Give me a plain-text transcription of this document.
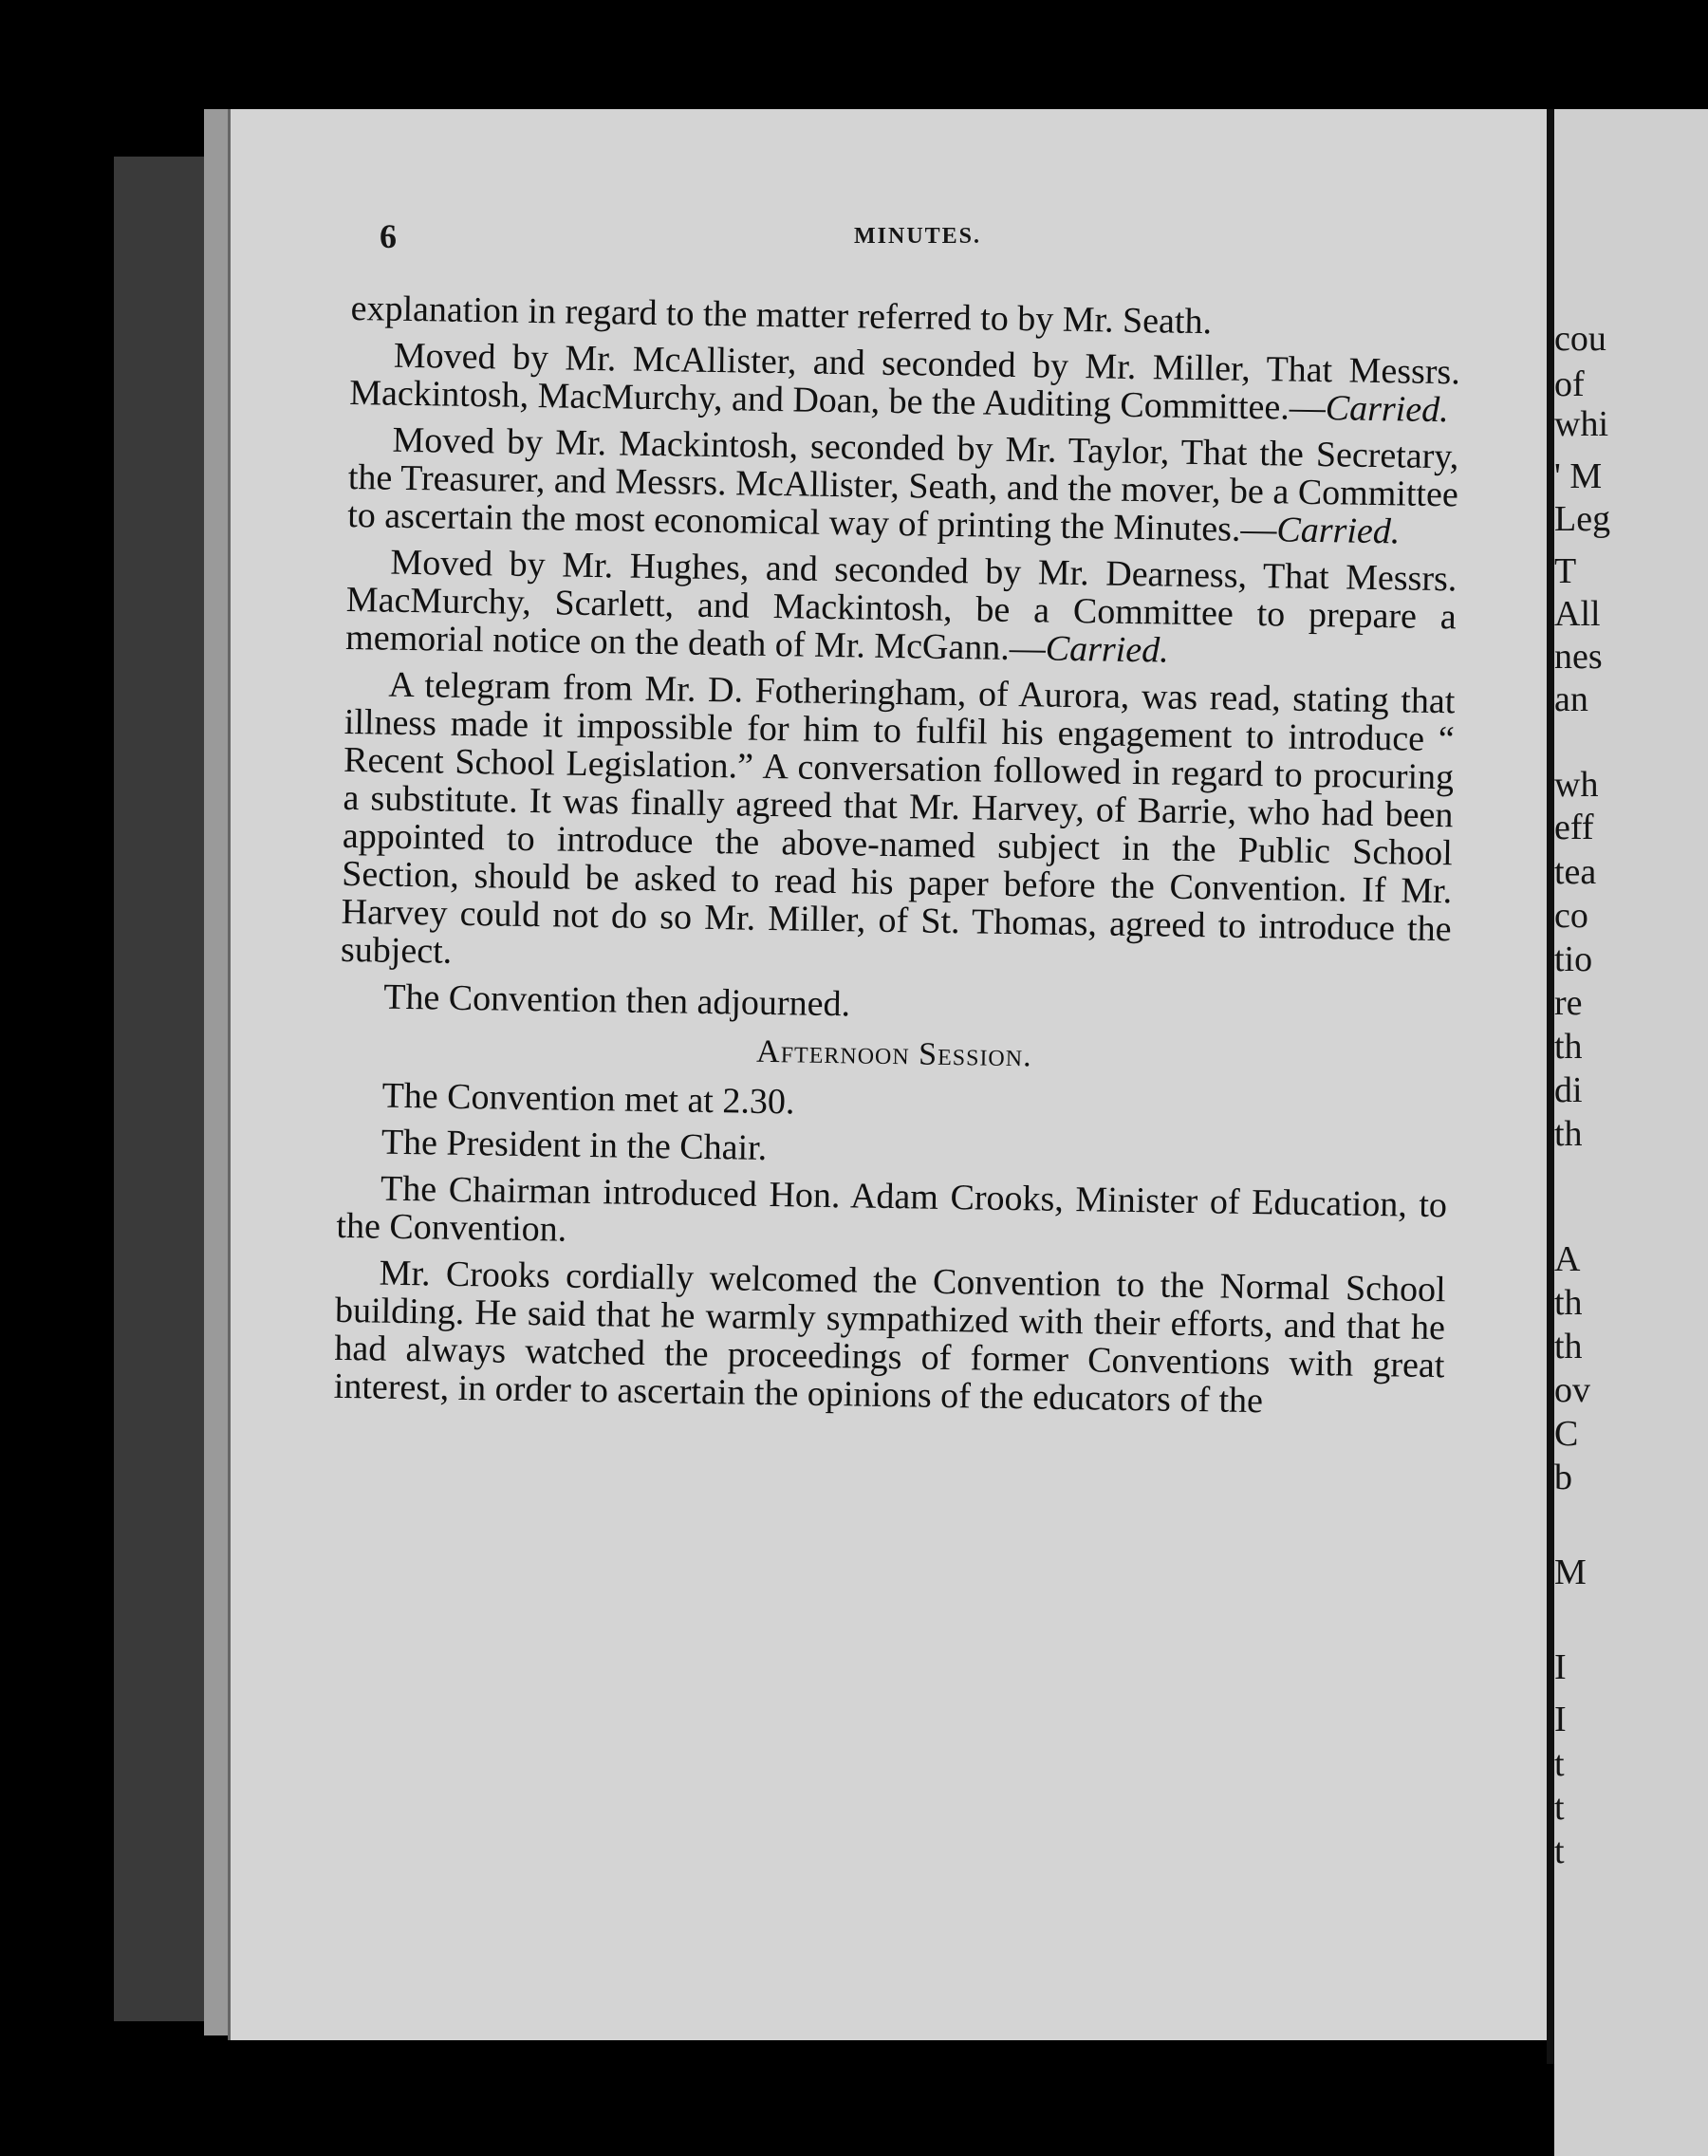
6	MINUTES.

explanation in regard to the matter referred to by Mr. Seath.

Moved by Mr. McAllister, and seconded by Mr. Miller, That Messrs. Mackintosh, MacMurchy, and Doan, be the Auditing Committee.—Carried.

Moved by Mr. Mackintosh, seconded by Mr. Taylor, That the Secretary, the Treasurer, and Messrs. McAllister, Seath, and the mover, be a Committee to ascertain the most economical way of printing the Minutes.—Carried.

Moved by Mr. Hughes, and seconded by Mr. Dearness, That Messrs. MacMurchy, Scarlett, and Mackintosh, be a Committee to prepare a memorial notice on the death of Mr. McGann.—Carried.

A telegram from Mr. D. Fotheringham, of Aurora, was read, stating that illness made it impossible for him to fulfil his engagement to introduce “ Recent School Legislation.” A conversation followed in regard to procuring a substitute. It was finally agreed that Mr. Harvey, of Barrie, who had been appointed to introduce the above-named subject in the Public School Section, should be asked to read his paper before the Convention. If Mr. Harvey could not do so Mr. Miller, of St. Thomas, agreed to introduce the subject.

The Convention then adjourned.

Afternoon Session.

The Convention met at 2.30.

The President in the Chair.

The Chairman introduced Hon. Adam Crooks, Minister of Education, to the Convention.

Mr. Crooks cordially welcomed the Convention to the Normal School building. He said that he warmly sympathized with their efforts, and that he had always watched the proceedings of former Conventions with great interest, in order to ascertain the opinions of the educators of the

cou
of
whi
' M
Leg
T
All
nes
an
wh
eff
tea
co
tio
re
th
di
th
A
th
th
ov
C
b
M
I
I
t
t
t
